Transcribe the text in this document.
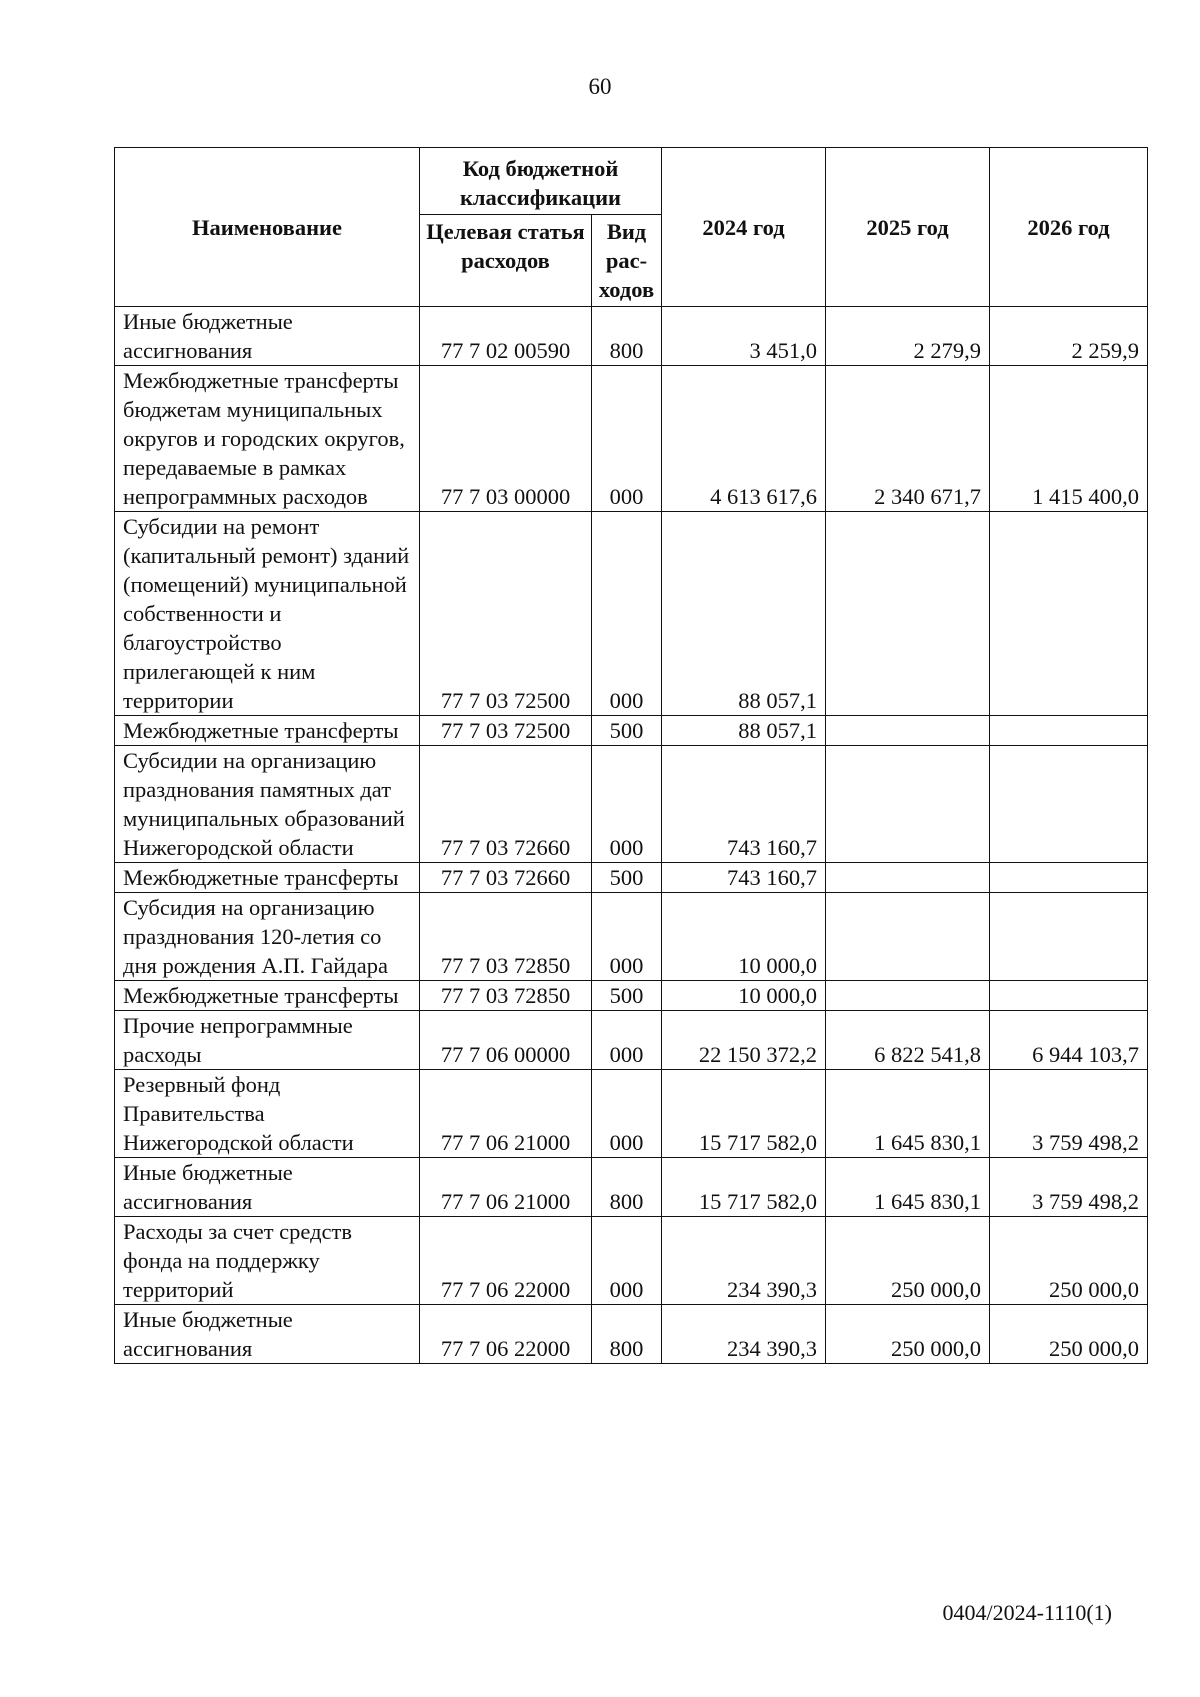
60
Наименование	Код бюджетной классификации		2024 год	2025 год	2026 год
	Целевая статья расходов	Вид рас-ходов			
Иные бюджетные ассигнования	77 7 02 00590	800	3 451,0	2 279,9	2 259,9
Межбюджетные трансферты бюджетам муниципальных округов и городских округов, передаваемые в рамках непрограммных расходов	77 7 03 00000	000	4 613 617,6	2 340 671,7	1 415 400,0
Субсидии на ремонт (капитальный ремонт) зданий (помещений) муниципальной собственности и благоустройство прилегающей к ним территории	77 7 03 72500	000	88 057,1		
Межбюджетные трансферты	77 7 03 72500	500	88 057,1		
Субсидии на организацию празднования памятных дат муниципальных образований Нижегородской области	77 7 03 72660	000	743 160,7		
Межбюджетные трансферты	77 7 03 72660	500	743 160,7		
Субсидия на организацию празднования 120-летия со дня рождения А.П. Гайдара	77 7 03 72850	000	10 000,0		
Межбюджетные трансферты	77 7 03 72850	500	10 000,0		
Прочие непрограммные расходы	77 7 06 00000	000	22 150 372,2	6 822 541,8	6 944 103,7
Резервный фонд Правительства Нижегородской области	77 7 06 21000	000	15 717 582,0	1 645 830,1	3 759 498,2
Иные бюджетные ассигнования	77 7 06 21000	800	15 717 582,0	1 645 830,1	3 759 498,2
Расходы за счет средств фонда на поддержку территорий	77 7 06 22000	000	234 390,3	250 000,0	250 000,0
Иные бюджетные ассигнования	77 7 06 22000	800	234 390,3	250 000,0	250 000,0
0404/2024-1110(1)
